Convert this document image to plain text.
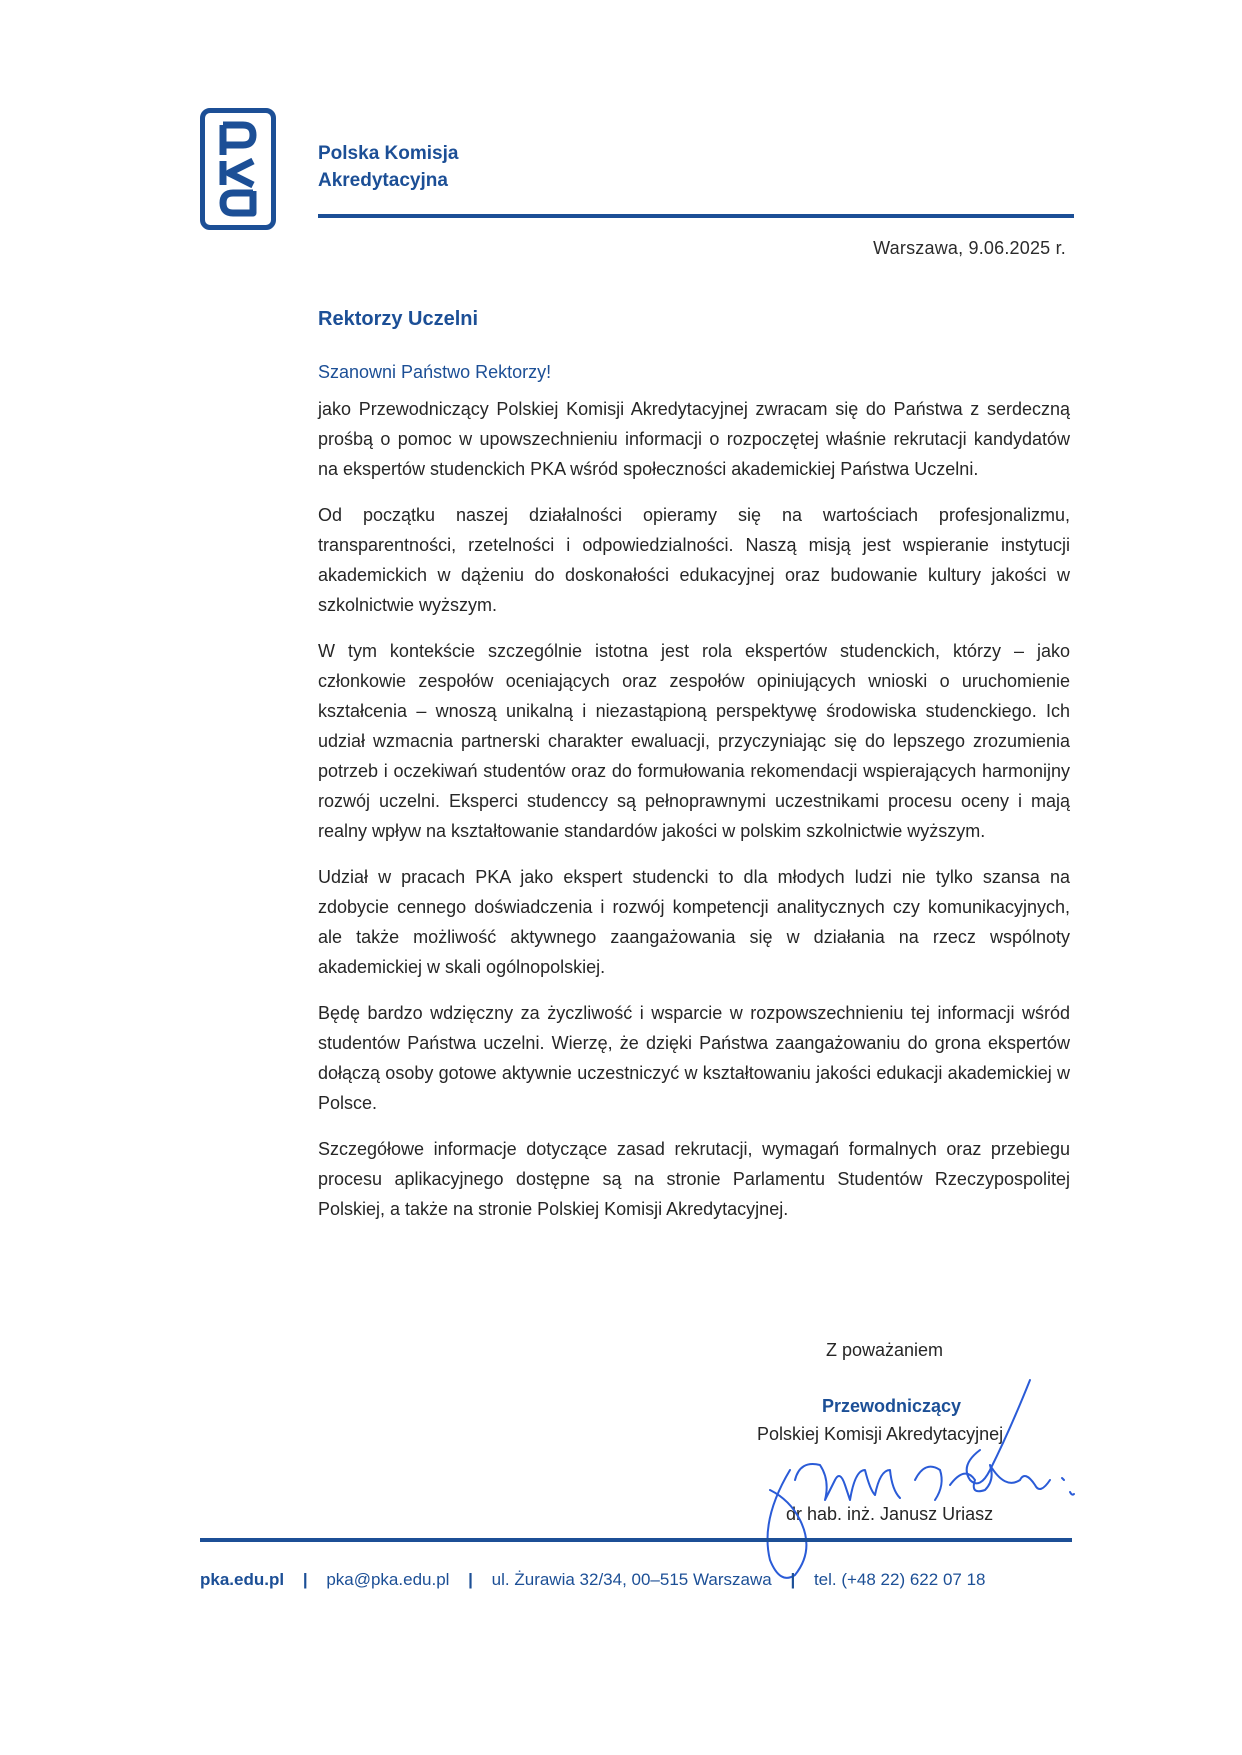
Polska Komisja
Akredytacyjna
Warszawa, 9.06.2025 r.
Rektorzy Uczelni
Szanowni Państwo Rektorzy!

jako Przewodniczący Polskiej Komisji Akredytacyjnej zwracam się do Państwa z serdeczną prośbą o pomoc w upowszechnieniu informacji o rozpoczętej właśnie rekrutacji kandydatów na ekspertów studenckich PKA wśród społeczności akademickiej Państwa Uczelni.

Od początku naszej działalności opieramy się na wartościach profesjonalizmu, transparentności, rzetelności i odpowiedzialności. Naszą misją jest wspieranie instytucji akademickich w dążeniu do doskonałości edukacyjnej oraz budowanie kultury jakości w szkolnictwie wyższym.

W tym kontekście szczególnie istotna jest rola ekspertów studenckich, którzy – jako członkowie zespołów oceniających oraz zespołów opiniujących wnioski o uruchomienie kształcenia – wnoszą unikalną i niezastąpioną perspektywę środowiska studenckiego. Ich udział wzmacnia partnerski charakter ewaluacji, przyczyniając się do lepszego zrozumienia potrzeb i oczekiwań studentów oraz do formułowania rekomendacji wspierających harmonijny rozwój uczelni. Eksperci studenccy są pełnoprawnymi uczestnikami procesu oceny i mają realny wpływ na kształtowanie standardów jakości w polskim szkolnictwie wyższym.

Udział w pracach PKA jako ekspert studencki to dla młodych ludzi nie tylko szansa na zdobycie cennego doświadczenia i rozwój kompetencji analitycznych czy komunikacyjnych, ale także możliwość aktywnego zaangażowania się w działania na rzecz wspólnoty akademickiej w skali ogólnopolskiej.

Będę bardzo wdzięczny za życzliwość i wsparcie w rozpowszechnieniu tej informacji wśród studentów Państwa uczelni. Wierzę, że dzięki Państwa zaangażowaniu do grona ekspertów dołączą osoby gotowe aktywnie uczestniczyć w kształtowaniu jakości edukacji akademickiej w Polsce.

Szczegółowe informacje dotyczące zasad rekrutacji, wymagań formalnych oraz przebiegu procesu aplikacyjnego dostępne są na stronie Parlamentu Studentów Rzeczypospolitej Polskiej, a także na stronie Polskiej Komisji Akredytacyjnej.

Z poważaniem
Przewodniczący
Polskiej Komisji Akredytacyjnej
dr hab. inż. Janusz Uriasz
pka.edu.pl | pka@pka.edu.pl | ul. Żurawia 32/34, 00–515 Warszawa | tel. (+48 22) 622 07 18
